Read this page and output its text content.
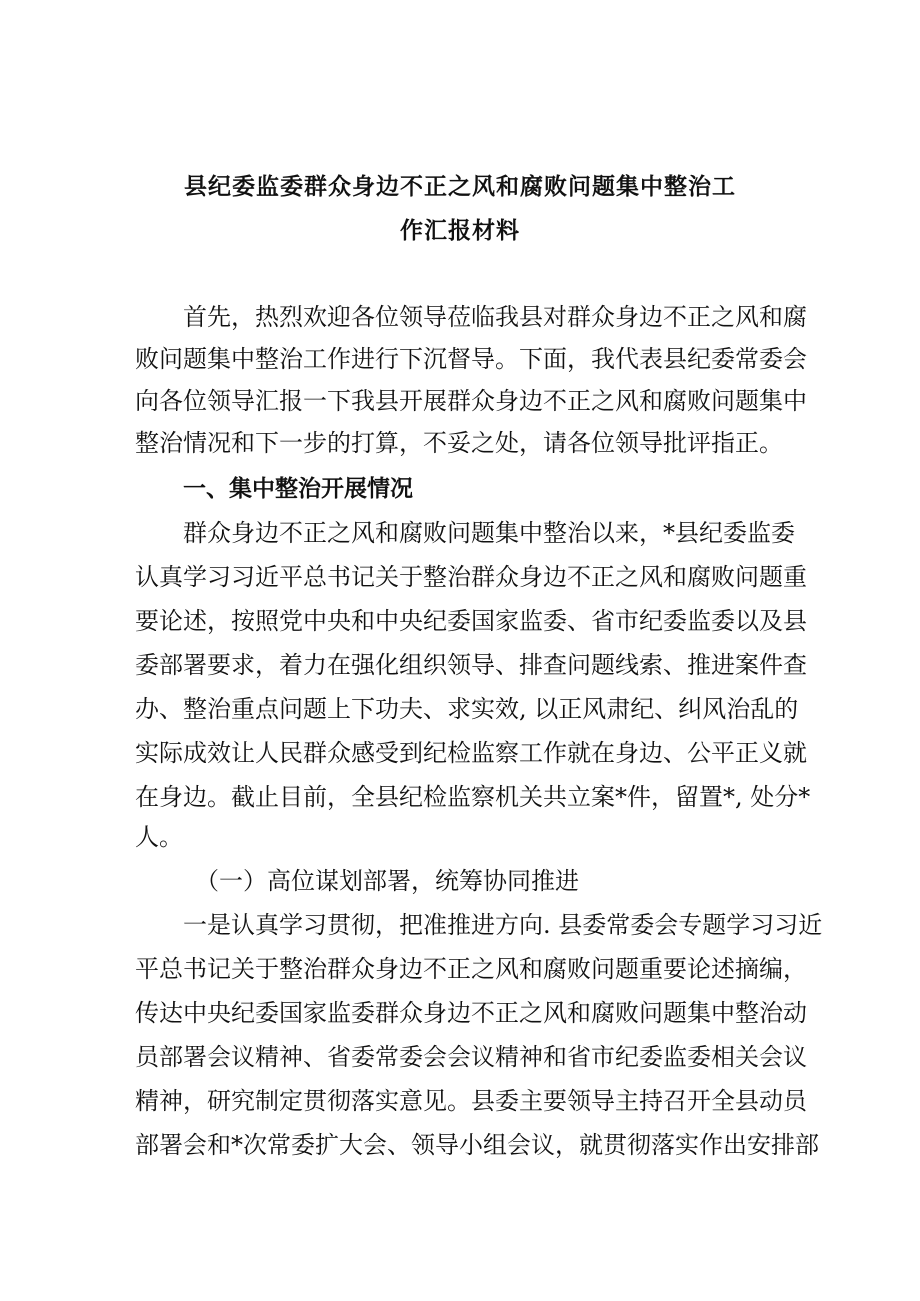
县纪委监委群众身边不正之风和腐败问题集中整治工
作汇报材料
首先，热烈欢迎各位领导莅临我县对群众身边不正之风和腐
败问题集中整治工作进行下沉督导。下面，我代表县纪委常委会
向各位领导汇报一下我县开展群众身边不正之风和腐败问题集中
整治情况和下一步的打算，不妥之处，请各位领导批评指正。
一、集中整治开展情况
群众身边不正之风和腐败问题集中整治以来，*县纪委监委
认真学习习近平总书记关于整治群众身边不正之风和腐败问题重
要论述，按照党中央和中央纪委国家监委、省市纪委监委以及县
委部署要求，着力在强化组织领导、排查问题线索、推进案件查
办、整治重点问题上下功夫、求实效, 以正风肃纪、纠风治乱的
实际成效让人民群众感受到纪检监察工作就在身边、公平正义就
在身边。截止目前，全县纪检监察机关共立案*件，留置*, 处分*
人。
（一）高位谋划部署，统筹协同推进
一是认真学习贯彻，把准推进方向. 县委常委会专题学习习近
平总书记关于整治群众身边不正之风和腐败问题重要论述摘编，
传达中央纪委国家监委群众身边不正之风和腐败问题集中整治动
员部署会议精神、省委常委会会议精神和省市纪委监委相关会议
精神，研究制定贯彻落实意见。县委主要领导主持召开全县动员
部署会和*次常委扩大会、领导小组会议，就贯彻落实作出安排部
